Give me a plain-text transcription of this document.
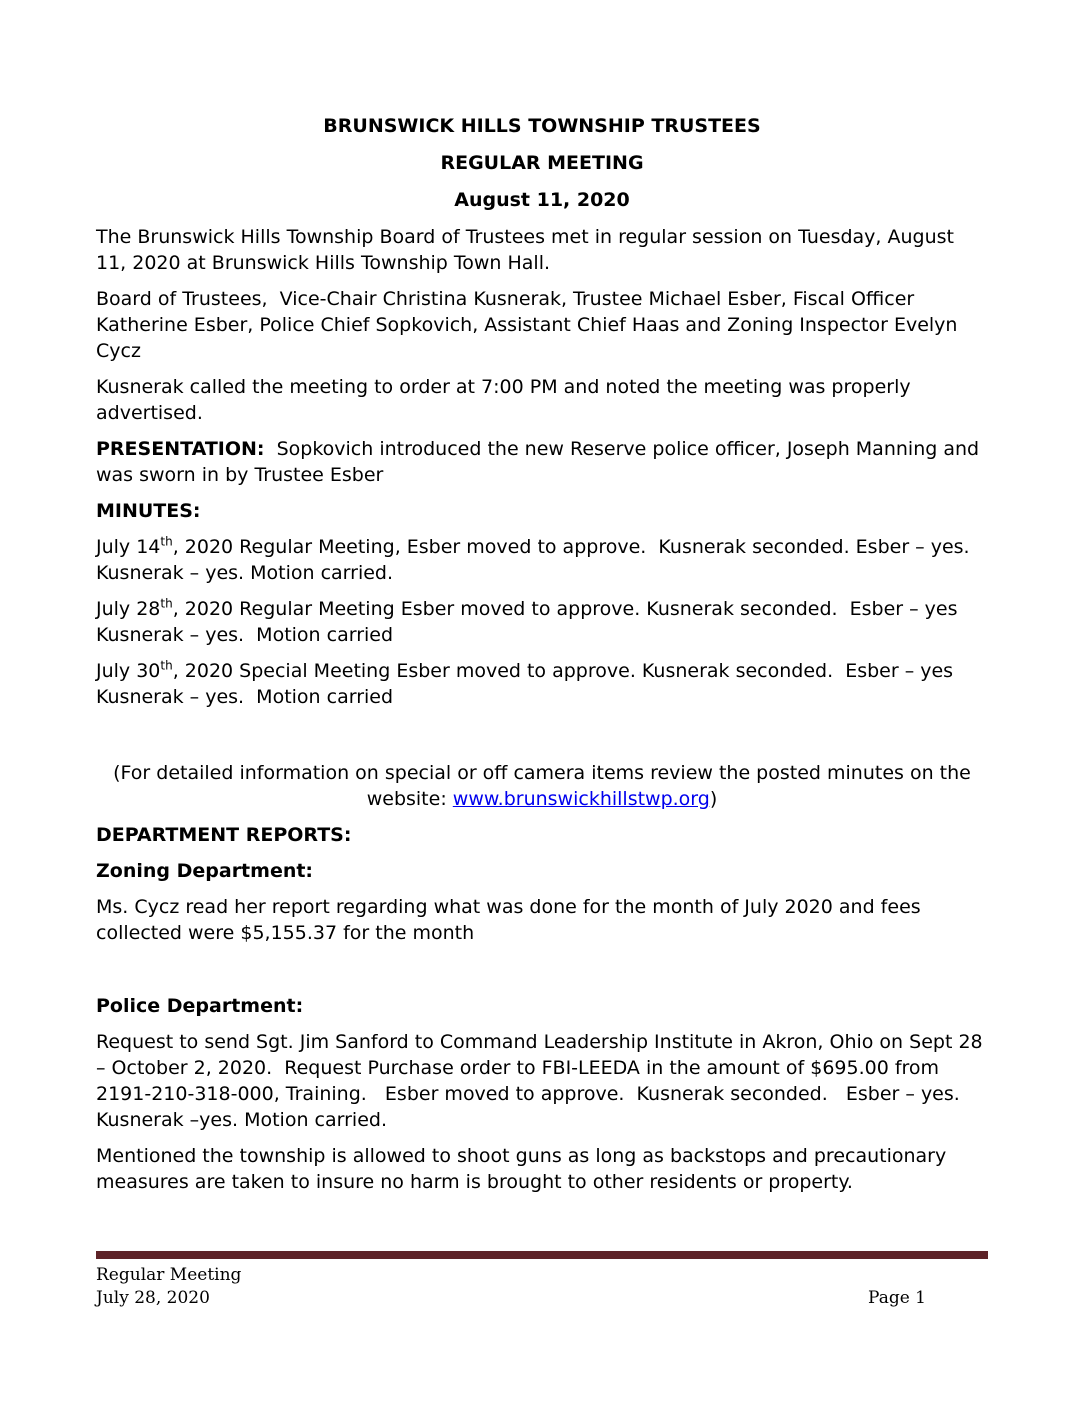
BRUNSWICK HILLS TOWNSHIP TRUSTEES
REGULAR MEETING
August 11, 2020

The Brunswick Hills Township Board of Trustees met in regular session on Tuesday, August 11, 2020 at Brunswick Hills Township Town Hall.

Board of Trustees,  Vice-Chair Christina Kusnerak, Trustee Michael Esber, Fiscal Officer Katherine Esber, Police Chief Sopkovich, Assistant Chief Haas and Zoning Inspector Evelyn Cycz

Kusnerak called the meeting to order at 7:00 PM and noted the meeting was properly advertised.

PRESENTATION:  Sopkovich introduced the new Reserve police officer, Joseph Manning and was sworn in by Trustee Esber

MINUTES:

July 14th, 2020 Regular Meeting, Esber moved to approve.  Kusnerak seconded. Esber – yes. Kusnerak – yes. Motion carried.

July 28th, 2020 Regular Meeting Esber moved to approve. Kusnerak seconded.  Esber – yes Kusnerak – yes.  Motion carried

July 30th, 2020 Special Meeting Esber moved to approve. Kusnerak seconded.  Esber – yes Kusnerak – yes.  Motion carried

(For detailed information on special or off camera items review the posted minutes on the website: www.brunswickhillstwp.org)

DEPARTMENT REPORTS:
Zoning Department:

Ms. Cycz read her report regarding what was done for the month of July 2020 and fees collected were $5,155.37 for the month

Police Department:

Request to send Sgt. Jim Sanford to Command Leadership Institute in Akron, Ohio on Sept 28 – October 2, 2020.  Request Purchase order to FBI-LEEDA in the amount of $695.00 from 2191-210-318-000, Training.   Esber moved to approve.  Kusnerak seconded.   Esber – yes. Kusnerak –yes. Motion carried.

Mentioned the township is allowed to shoot guns as long as backstops and precautionary measures are taken to insure no harm is brought to other residents or property.

Regular Meeting
July 28, 2020	Page 1
